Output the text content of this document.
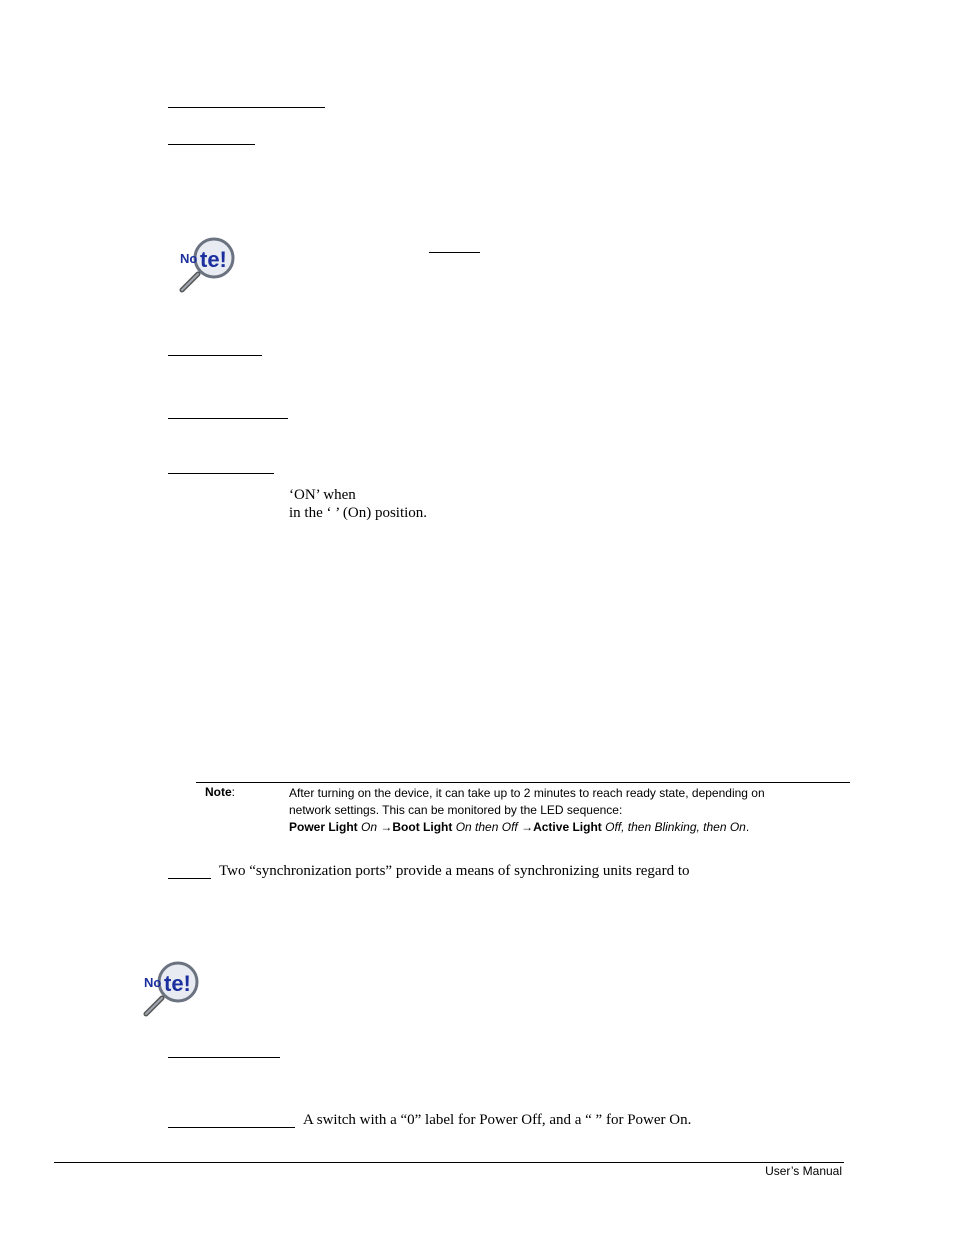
No te!
‘ON’ when
in the ‘ ’ (On) position.
Note:	After turning on the device, it can take up to 2 minutes to reach ready state, depending on
network settings. This can be monitored by the LED sequence:
Power Light On →Boot Light On then Off →Active Light Off, then Blinking, then On.
Two “synchronization ports” provide a means of synchronizing units regard to
No te!
A switch with a “0” label for Power Off, and a “ ” for Power On.
User’s Manual
